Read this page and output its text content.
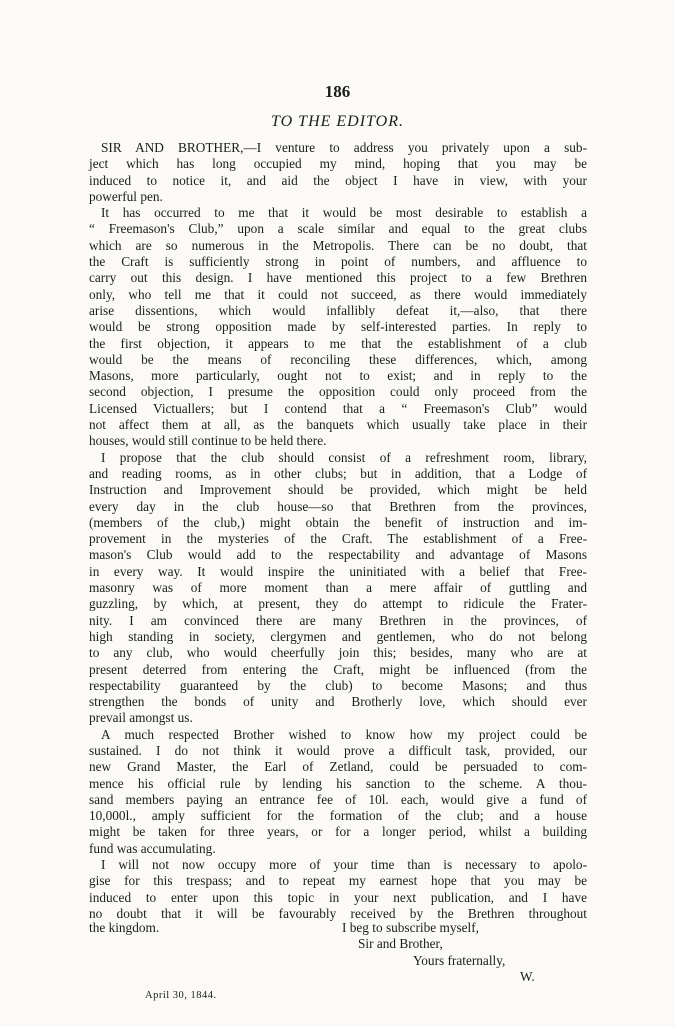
186
TO THE EDITOR.
SIR AND BROTHER,—I venture to address you privately upon a sub-
ject which has long occupied my mind, hoping that you may be
induced to notice it, and aid the object I have in view, with your
powerful pen.
It has occurred to me that it would be most desirable to establish a
“ Freemason's Club,” upon a scale similar and equal to the great clubs
which are so numerous in the Metropolis. There can be no doubt, that
the Craft is sufficiently strong in point of numbers, and affluence to
carry out this design. I have mentioned this project to a few Brethren
only, who tell me that it could not succeed, as there would immediately
arise dissentions, which would infallibly defeat it,—also, that there
would be strong opposition made by self-interested parties. In reply to
the first objection, it appears to me that the establishment of a club
would be the means of reconciling these differences, which, among
Masons, more particularly, ought not to exist; and in reply to the
second objection, I presume the opposition could only proceed from the
Licensed Victuallers; but I contend that a “ Freemason's Club” would
not affect them at all, as the banquets which usually take place in their
houses, would still continue to be held there.
I propose that the club should consist of a refreshment room, library,
and reading rooms, as in other clubs; but in addition, that a Lodge of
Instruction and Improvement should be provided, which might be held
every day in the club house—so that Brethren from the provinces,
(members of the club,) might obtain the benefit of instruction and im-
provement in the mysteries of the Craft. The establishment of a Free-
mason's Club would add to the respectability and advantage of Masons
in every way. It would inspire the uninitiated with a belief that Free-
masonry was of more moment than a mere affair of guttling and
guzzling, by which, at present, they do attempt to ridicule the Frater-
nity. I am convinced there are many Brethren in the provinces, of
high standing in society, clergymen and gentlemen, who do not belong
to any club, who would cheerfully join this; besides, many who are at
present deterred from entering the Craft, might be influenced (from the
respectability guaranteed by the club) to become Masons; and thus
strengthen the bonds of unity and Brotherly love, which should ever
prevail amongst us.
A much respected Brother wished to know how my project could be
sustained. I do not think it would prove a difficult task, provided, our
new Grand Master, the Earl of Zetland, could be persuaded to com-
mence his official rule by lending his sanction to the scheme. A thou-
sand members paying an entrance fee of 10l. each, would give a fund of
10,000l., amply sufficient for the formation of the club; and a house
might be taken for three years, or for a longer period, whilst a building
fund was accumulating.
I will not now occupy more of your time than is necessary to apolo-
gise for this trespass; and to repeat my earnest hope that you may be
induced to enter upon this topic in your next publication, and I have
no doubt that it will be favourably received by the Brethren throughout
the kingdom.	I beg to subscribe myself,
Sir and Brother,
Yours fraternally,
W.
April 30, 1844.
